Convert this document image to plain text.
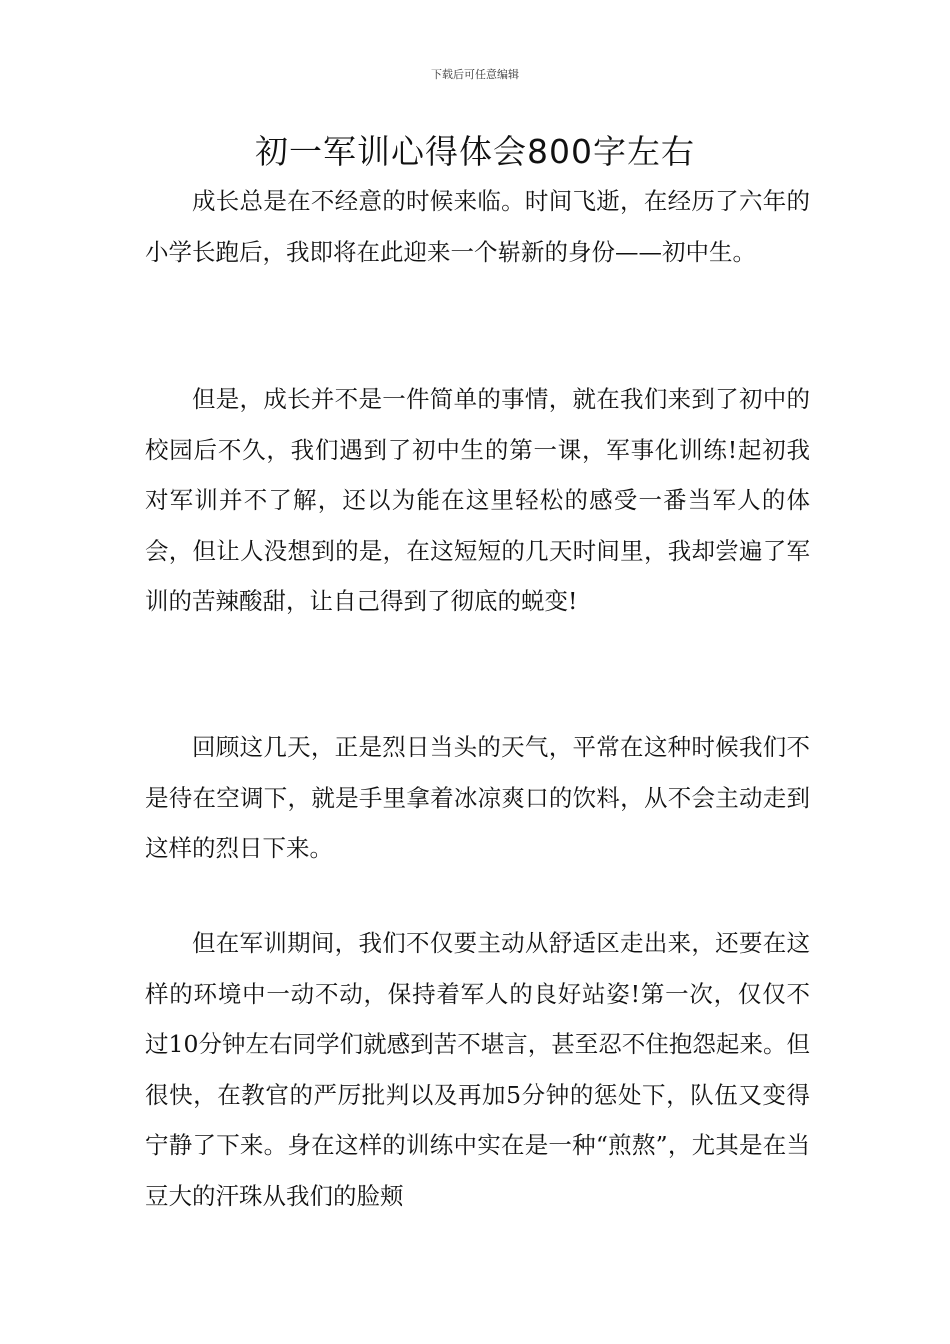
下载后可任意编辑
初一军训心得体会800字左右

成长总是在不经意的时候来临。时间飞逝，在经历了六年的小学长跑后，我即将在此迎来一个崭新的身份——初中生。

但是，成长并不是一件简单的事情，就在我们来到了初中的校园后不久，我们遇到了初中生的第一课，军事化训练!起初我对军训并不了解，还以为能在这里轻松的感受一番当军人的体会，但让人没想到的是，在这短短的几天时间里，我却尝遍了军训的苦辣酸甜，让自己得到了彻底的蜕变!

回顾这几天，正是烈日当头的天气，平常在这种时候我们不是待在空调下，就是手里拿着冰凉爽口的饮料，从不会主动走到这样的烈日下来。

但在军训期间，我们不仅要主动从舒适区走出来，还要在这样的环境中一动不动，保持着军人的良好站姿!第一次，仅仅不过10分钟左右同学们就感到苦不堪言，甚至忍不住抱怨起来。但很快，在教官的严厉批判以及再加5分钟的惩处下，队伍又变得宁静了下来。身在这样的训练中实在是一种“煎熬”，尤其是在当豆大的汗珠从我们的脸颊
